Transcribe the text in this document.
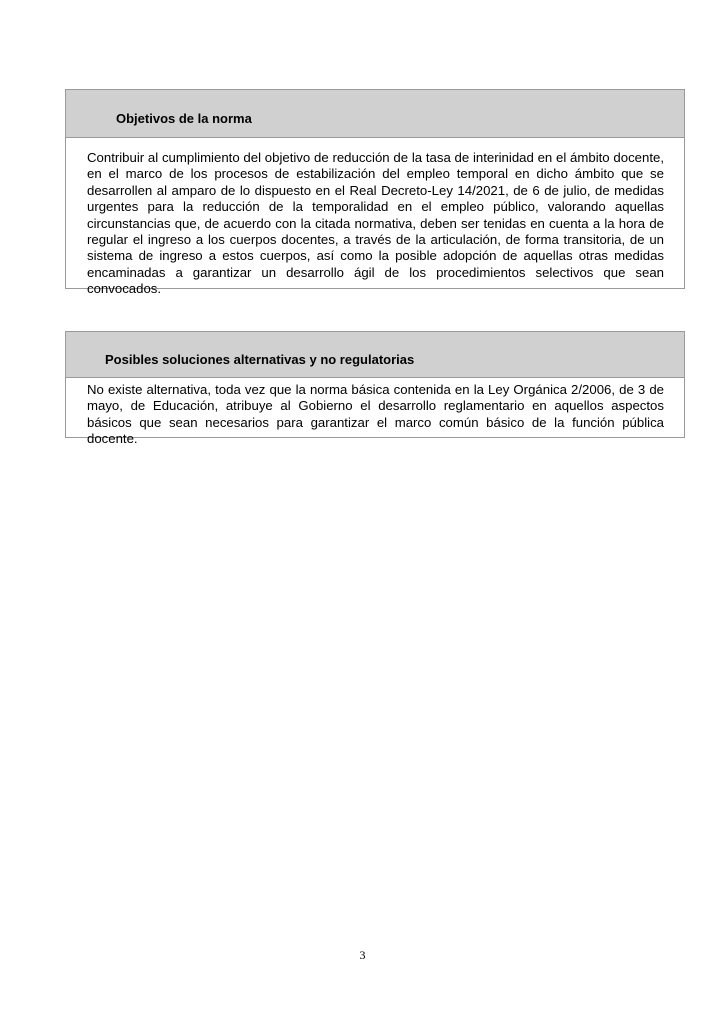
Objetivos de la norma
Contribuir al cumplimiento del objetivo de reducción de la tasa de interinidad en el ámbito docente, en el marco de los procesos de estabilización del empleo temporal en dicho ámbito que se desarrollen al amparo de lo dispuesto en el Real Decreto-Ley 14/2021, de 6 de julio, de medidas urgentes para la reducción de la temporalidad en el empleo público, valorando aquellas circunstancias que, de acuerdo con la citada normativa, deben ser tenidas en cuenta a la hora de regular el ingreso a los cuerpos docentes, a través de la articulación, de forma transitoria, de un sistema de ingreso a estos cuerpos, así como la posible adopción de aquellas otras medidas encaminadas a garantizar un desarrollo ágil de los procedimientos selectivos que sean convocados.
Posibles soluciones alternativas y no regulatorias
No existe alternativa, toda vez que la norma básica contenida en la Ley Orgánica 2/2006, de 3 de mayo, de Educación, atribuye al Gobierno el desarrollo reglamentario en aquellos aspectos básicos que sean necesarios para garantizar el marco común básico de la función pública docente.
3
